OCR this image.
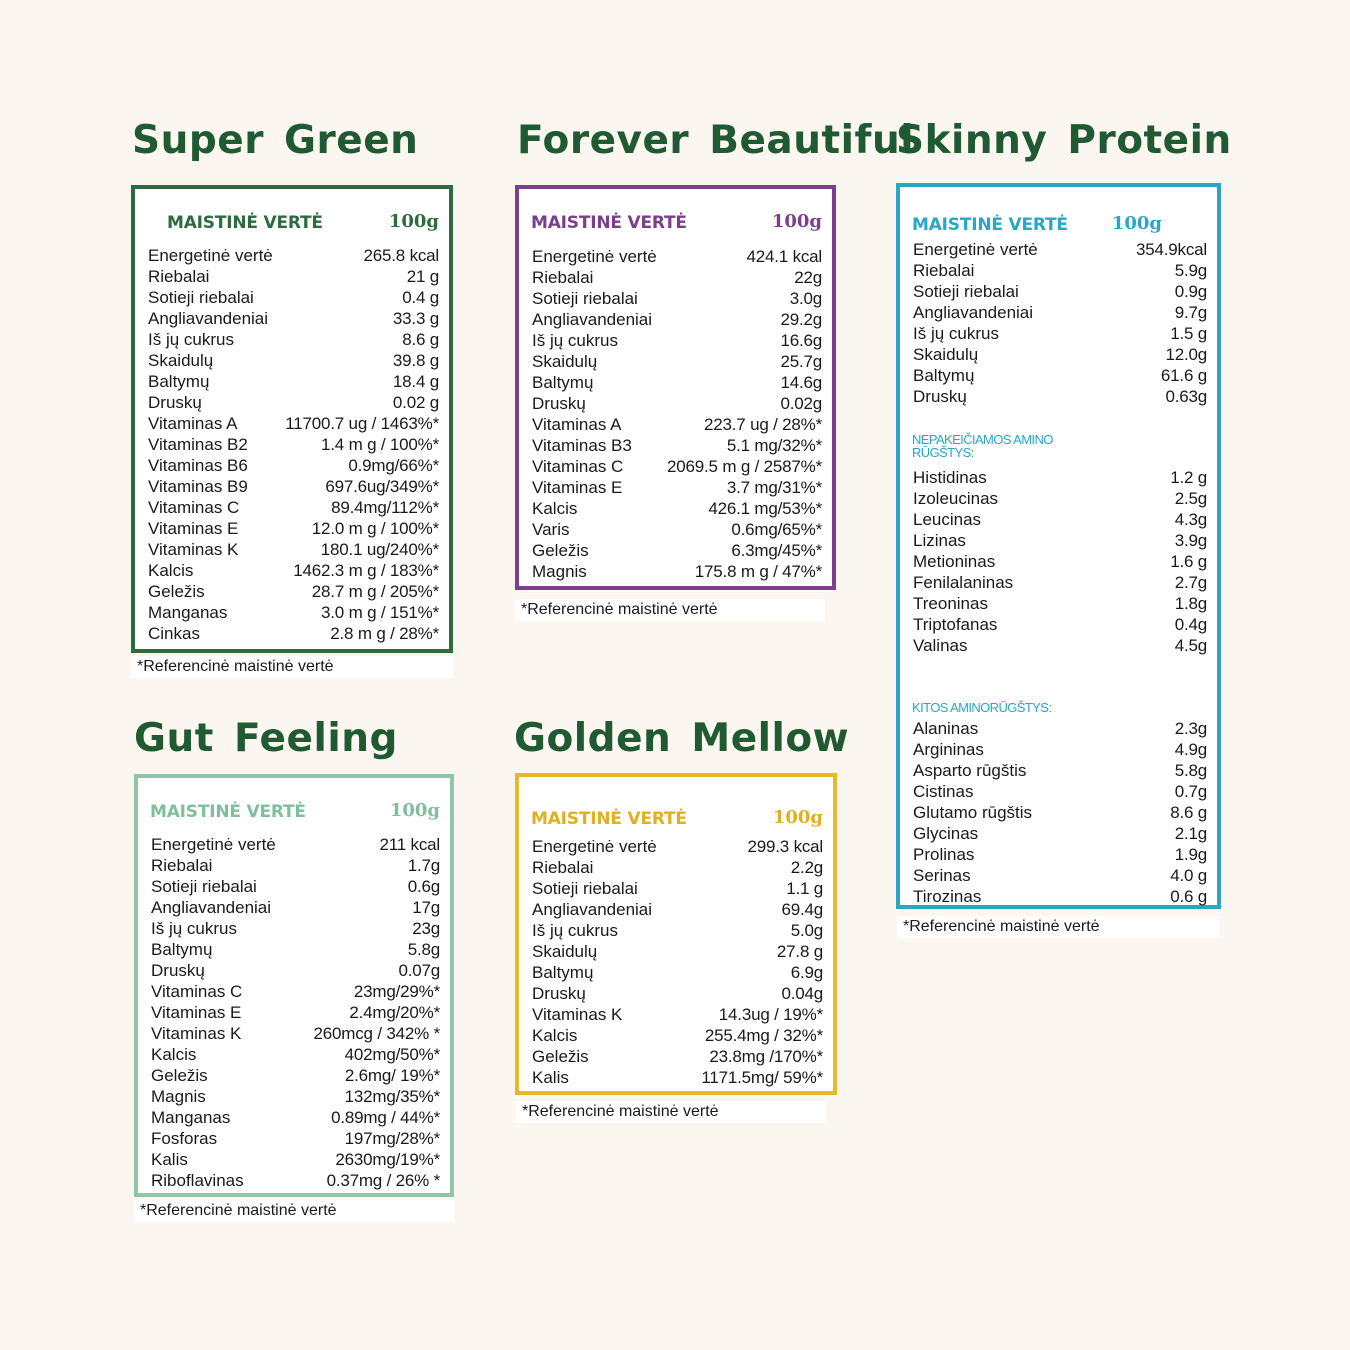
Super Green
MAISTINĖ VERTĖ	100g
Energetinė vertė	265.8 kcal
Riebalai	21 g
Sotieji riebalai	0.4 g
Angliavandeniai	33.3 g
Iš jų cukrus	8.6 g
Skaidulų	39.8 g
Baltymų	18.4 g
Druskų	0.02 g
Vitaminas A	11700.7 ug / 1463%*
Vitaminas B2	1.4 m g / 100%*
Vitaminas B6	0.9mg/66%*
Vitaminas B9	697.6ug/349%*
Vitaminas C	89.4mg/112%*
Vitaminas E	12.0 m g / 100%*
Vitaminas K	180.1 ug/240%*
Kalcis	1462.3 m g / 183%*
Geležis	28.7 m g / 205%*
Manganas	3.0 m g / 151%*
Cinkas	2.8 m g / 28%*
*Referencinė maistinė vertė
Forever Beautiful
MAISTINĖ VERTĖ	100g
Energetinė vertė	424.1 kcal
Riebalai	22g
Sotieji riebalai	3.0g
Angliavandeniai	29.2g
Iš jų cukrus	16.6g
Skaidulų	25.7g
Baltymų	14.6g
Druskų	0.02g
Vitaminas A	223.7 ug / 28%*
Vitaminas B3	5.1 mg/32%*
Vitaminas C	2069.5 m g / 2587%*
Vitaminas E	3.7 mg/31%*
Kalcis	426.1 mg/53%*
Varis	0.6mg/65%*
Geležis	6.3mg/45%*
Magnis	175.8 m g / 47%*
*Referencinė maistinė vertė
Skinny Protein
MAISTINĖ VERTĖ 100g
Energetinė vertė	354.9kcal
Riebalai	5.9g
Sotieji riebalai	0.9g
Angliavandeniai	9.7g
Iš jų cukrus	1.5 g
Skaidulų	12.0g
Baltymų	61.6 g
Druskų	0.63g
NEPAKEIČIAMOS AMINO RŪGŠTYS:
Histidinas	1.2 g
Izoleucinas	2.5g
Leucinas	4.3g
Lizinas	3.9g
Metioninas	1.6 g
Fenilalaninas	2.7g
Treoninas	1.8g
Triptofanas	0.4g
Valinas	4.5g
KITOS AMINORŪGŠTYS:
Alaninas	2.3g
Argininas	4.9g
Asparto rūgštis	5.8g
Cistinas	0.7g
Glutamo rūgštis	8.6 g
Glycinas	2.1g
Prolinas	1.9g
Serinas	4.0 g
Tirozinas	0.6 g
*Referencinė maistinė vertė
Gut Feeling
MAISTINĖ VERTĖ	100g
Energetinė vertė	211 kcal
Riebalai	1.7g
Sotieji riebalai	0.6g
Angliavandeniai	17g
Iš jų cukrus	23g
Baltymų	5.8g
Druskų	0.07g
Vitaminas C	23mg/29%*
Vitaminas E	2.4mg/20%*
Vitaminas K	260mcg / 342% *
Kalcis	402mg/50%*
Geležis	2.6mg/ 19%*
Magnis	132mg/35%*
Manganas	0.89mg / 44%*
Fosforas	197mg/28%*
Kalis	2630mg/19%*
Riboflavinas	0.37mg / 26% *
*Referencinė maistinė vertė
Golden Mellow
MAISTINĖ VERTĖ	100g
Energetinė vertė	299.3 kcal
Riebalai	2.2g
Sotieji riebalai	1.1 g
Angliavandeniai	69.4g
Iš jų cukrus	5.0g
Skaidulų	27.8 g
Baltymų	6.9g
Druskų	0.04g
Vitaminas K	14.3ug / 19%*
Kalcis	255.4mg / 32%*
Geležis	23.8mg /170%*
Kalis	1171.5mg/ 59%*
*Referencinė maistinė vertė
